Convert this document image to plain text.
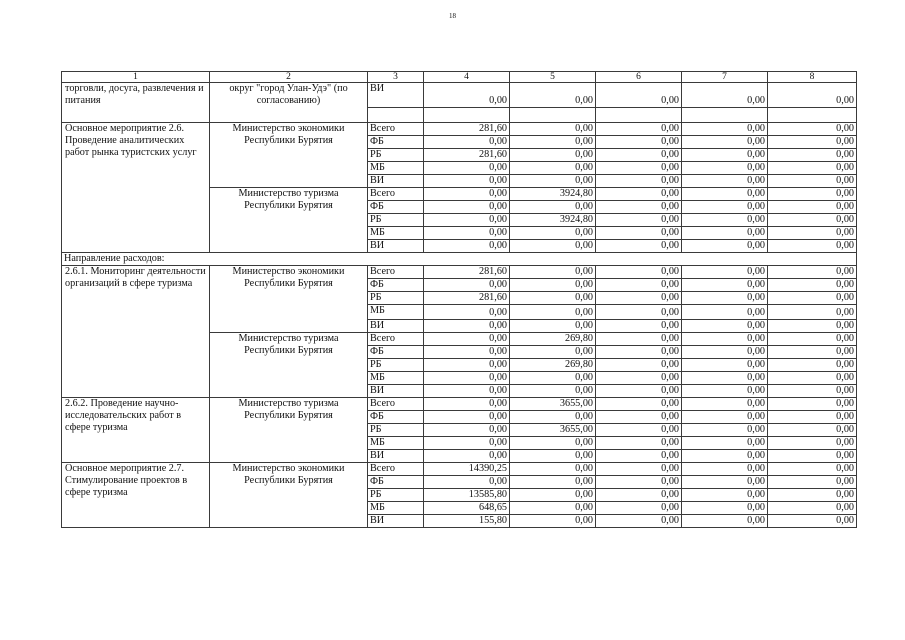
18
1	2	3	4	5	6	7	8
торговли, досуга, развлечения и питания	округ "город Улан-Удэ" (по согласованию)	ВИ	0,00	0,00	0,00	0,00	0,00

Основное мероприятие 2.6. Проведение аналитических работ рынка туристских услуг	Министерство экономики Республики Бурятия	Всего	281,60	0,00	0,00	0,00	0,00
		ФБ	0,00	0,00	0,00	0,00	0,00
		РБ	281,60	0,00	0,00	0,00	0,00
		МБ	0,00	0,00	0,00	0,00	0,00
		ВИ	0,00	0,00	0,00	0,00	0,00
	Министерство туризма Республики Бурятия	Всего	0,00	3924,80	0,00	0,00	0,00
		ФБ	0,00	0,00	0,00	0,00	0,00
		РБ	0,00	3924,80	0,00	0,00	0,00
		МБ	0,00	0,00	0,00	0,00	0,00
		ВИ	0,00	0,00	0,00	0,00	0,00
Направление расходов:							
2.6.1. Мониторинг деятельности организаций в сфере туризма	Министерство экономики Республики Бурятия	Всего	281,60	0,00	0,00	0,00	0,00
		ФБ	0,00	0,00	0,00	0,00	0,00
		РБ	281,60	0,00	0,00	0,00	0,00
		МБ	0,00	0,00	0,00	0,00	0,00
		ВИ	0,00	0,00	0,00	0,00	0,00
	Министерство туризма Республики Бурятия	Всего	0,00	269,80	0,00	0,00	0,00
		ФБ	0,00	0,00	0,00	0,00	0,00
		РБ	0,00	269,80	0,00	0,00	0,00
		МБ	0,00	0,00	0,00	0,00	0,00
		ВИ	0,00	0,00	0,00	0,00	0,00
2.6.2. Проведение научно-исследовательских работ в сфере туризма	Министерство туризма Республики Бурятия	Всего	0,00	3655,00	0,00	0,00	0,00
		ФБ	0,00	0,00	0,00	0,00	0,00
		РБ	0,00	3655,00	0,00	0,00	0,00
		МБ	0,00	0,00	0,00	0,00	0,00
		ВИ	0,00	0,00	0,00	0,00	0,00
Основное мероприятие 2.7. Стимулирование проектов в сфере туризма	Министерство экономики Республики Бурятия	Всего	14390,25	0,00	0,00	0,00	0,00
		ФБ	0,00	0,00	0,00	0,00	0,00
		РБ	13585,80	0,00	0,00	0,00	0,00
		МБ	648,65	0,00	0,00	0,00	0,00
		ВИ	155,80	0,00	0,00	0,00	0,00
